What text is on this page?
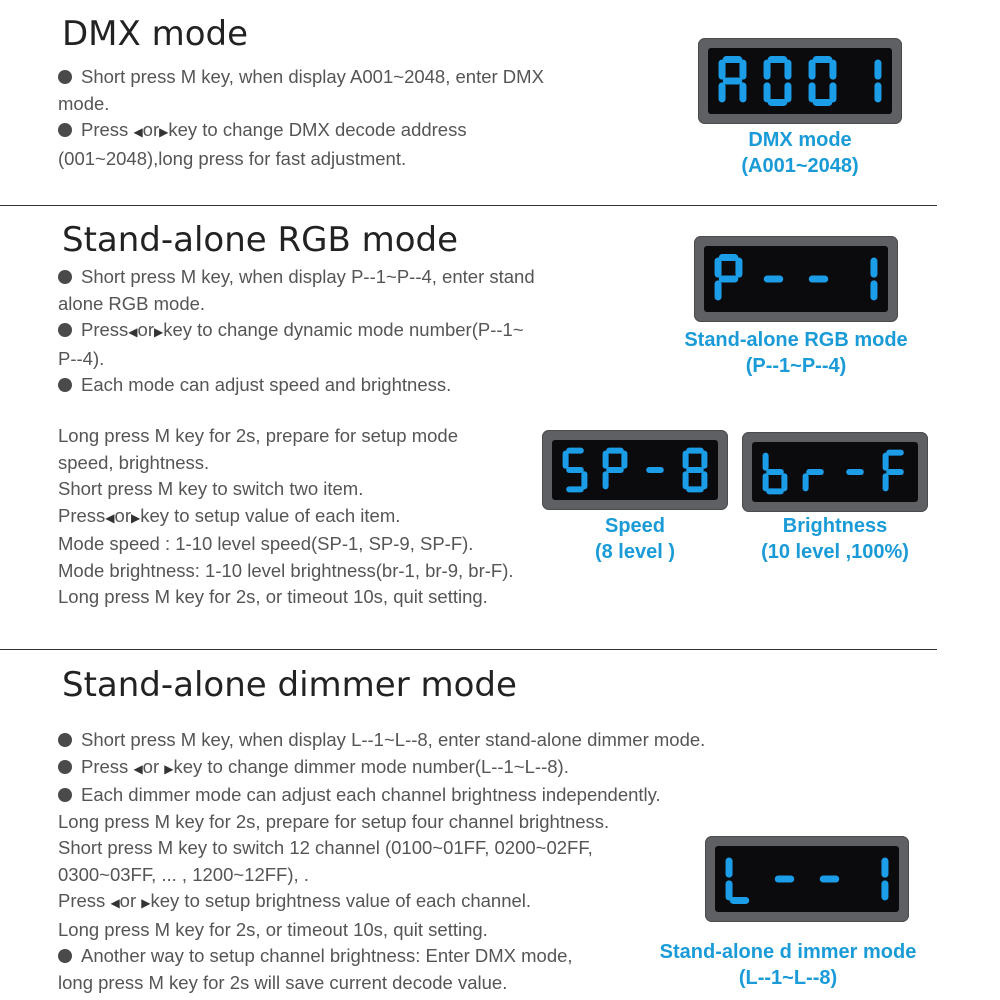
DMX mode
Short press M key, when display A001~2048, enter DMX
mode.
Press ◀or▶key to change DMX decode address
(001~2048),long press for fast adjustment.
DMX mode
(A001~2048)
Stand-alone RGB mode
Short press M key, when display P--1~P--4, enter stand
alone RGB mode.
Press◀or▶key to change dynamic mode number(P--1~
P--4).
Each mode can adjust speed and brightness.
Long press M key for 2s, prepare for setup mode
speed, brightness.
Short press M key to switch two item.
Press◀or▶key to setup value of each item.
Mode speed : 1-10 level speed(SP-1, SP-9, SP-F).
Mode brightness: 1-10 level brightness(br-1, br-9, br-F).
Long press M key for 2s, or timeout 10s, quit setting.
Stand-alone RGB mode
(P--1~P--4)
Speed
(8 level )
Brightness
(10 level ,100%)
Stand-alone dimmer mode
Short press M key, when display L--1~L--8, enter stand-alone dimmer mode.
Press ◀or ▶key to change dimmer mode number(L--1~L--8).
Each dimmer mode can adjust each channel brightness independently.
Long press M key for 2s, prepare for setup four channel brightness.
Short press M key to switch 12 channel (0100~01FF, 0200~02FF,
0300~03FF, ... , 1200~12FF), .
Press ◀or ▶key to setup brightness value of each channel.
Long press M key for 2s, or timeout 10s, quit setting.
Another way to setup channel brightness: Enter DMX mode,
long press M key for 2s will save current decode value.
Stand-alone d immer mode
(L--1~L--8)
